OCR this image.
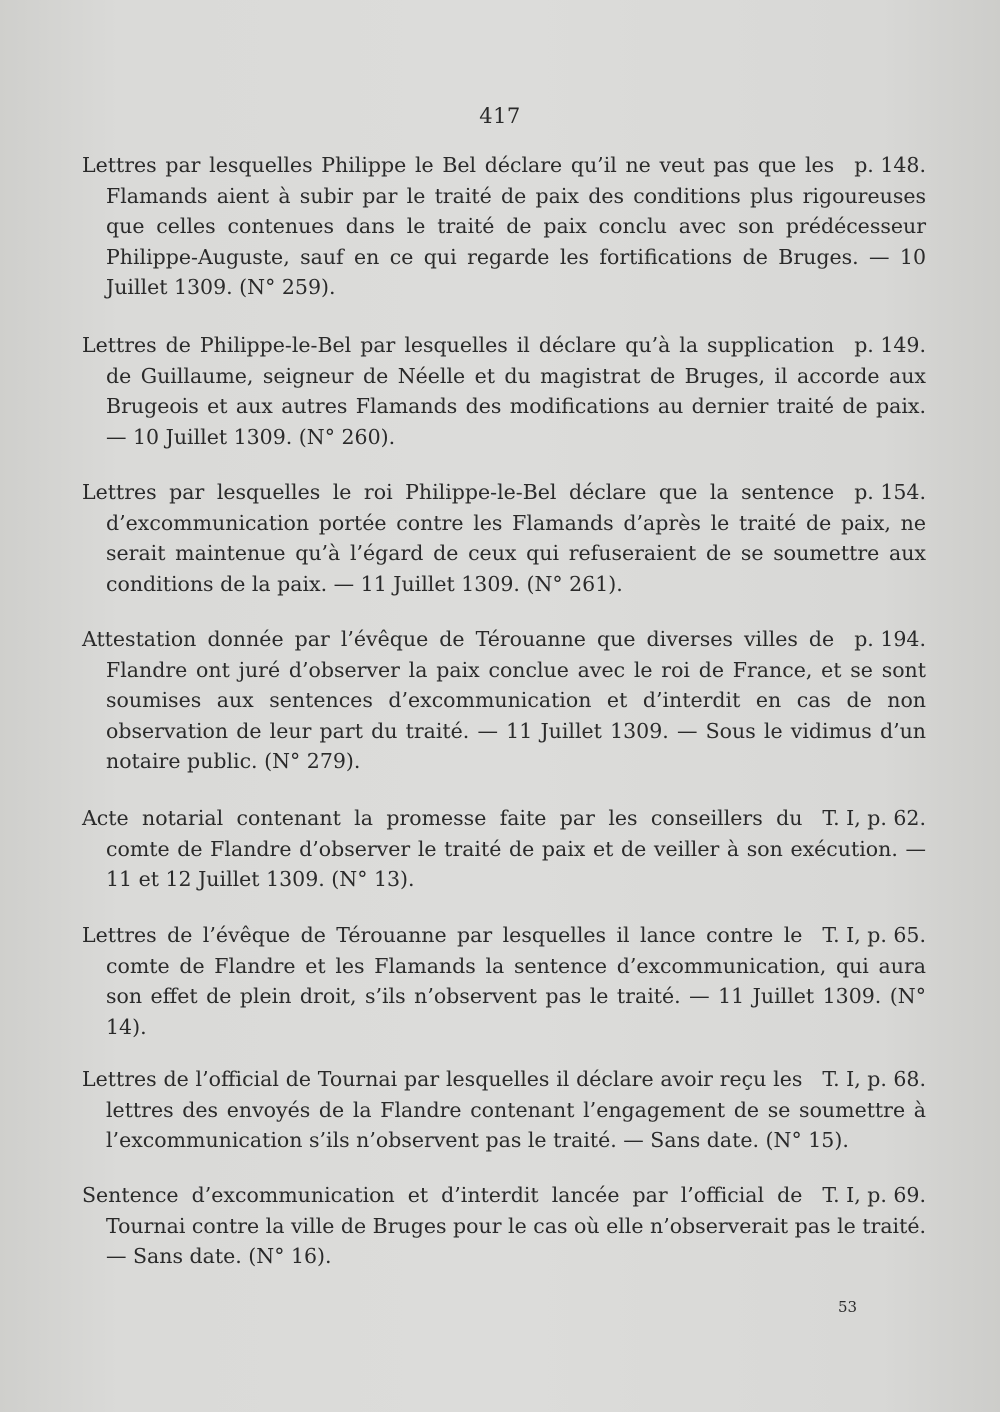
417
p. 148.
Lettres par lesquelles Philippe le Bel déclare qu’il ne veut pas que les Flamands aient à subir par le traité de paix des conditions plus rigoureuses que celles contenues dans le traité de paix conclu avec son prédécesseur Philippe-Auguste, sauf en ce qui regarde les fortifications de Bruges. — 10 Juillet 1309. (N° 259).
p. 149.
Lettres de Philippe-le-Bel par lesquelles il déclare qu’à la supplication de Guillaume, seigneur de Néelle et du magistrat de Bruges, il accorde aux Brugeois et aux autres Flamands des modifications au dernier traité de paix. — 10 Juillet 1309. (N° 260).
p. 154.
Lettres par lesquelles le roi Philippe-le-Bel déclare que la sentence d’excommunication portée contre les Flamands d’après le traité de paix, ne serait maintenue qu’à l’égard de ceux qui refuseraient de se soumettre aux conditions de la paix. — 11 Juillet 1309. (N° 261).
p. 194.
Attestation donnée par l’évêque de Térouanne que diverses villes de Flandre ont juré d’observer la paix conclue avec le roi de France, et se sont soumises aux sentences d’excommunication et d’interdit en cas de non observation de leur part du traité. — 11 Juillet 1309. — Sous le vidimus d’un notaire public. (N° 279).
T. I, p. 62.
Acte notarial contenant la promesse faite par les conseillers du comte de Flandre d’observer le traité de paix et de veiller à son exécution. — 11 et 12 Juillet 1309. (N° 13).
T. I, p. 65.
Lettres de l’évêque de Térouanne par lesquelles il lance contre le comte de Flandre et les Flamands la sentence d’excommunication, qui aura son effet de plein droit, s’ils n’observent pas le traité. — 11 Juillet 1309. (N° 14).
T. I, p. 68.
Lettres de l’official de Tournai par lesquelles il déclare avoir reçu les lettres des envoyés de la Flandre contenant l’engagement de se soumettre à l’excommunication s’ils n’observent pas le traité. — Sans date. (N° 15).
T. I, p. 69.
Sentence d’excommunication et d’interdit lancée par l’official de Tournai contre la ville de Bruges pour le cas où elle n’observerait pas le traité. — Sans date. (N° 16).
53
